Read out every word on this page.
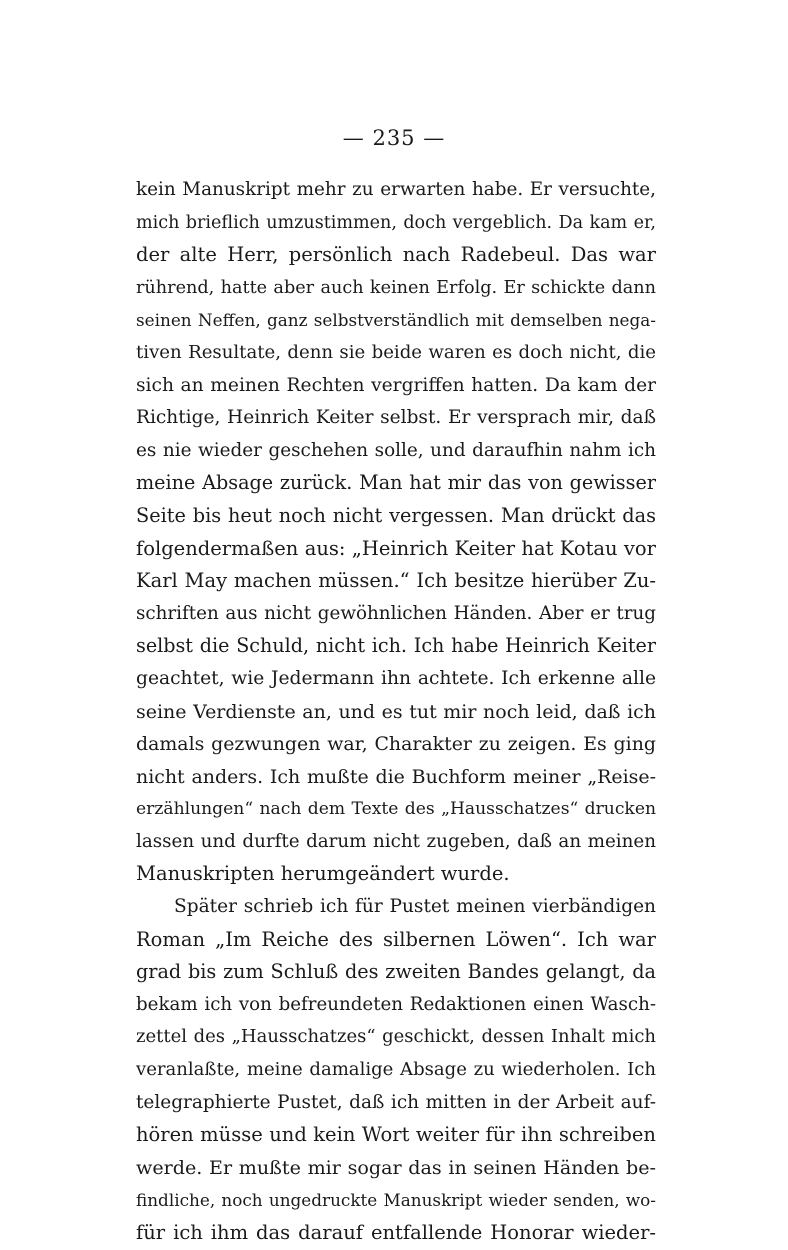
— 235 —
kein Manuskript mehr zu erwarten habe. Er versuchte,
mich brieflich umzustimmen, doch vergeblich. Da kam er,
der alte Herr, persönlich nach Radebeul. Das war
rührend, hatte aber auch keinen Erfolg. Er schickte dann
seinen Neffen, ganz selbstverständlich mit demselben nega-
tiven Resultate, denn sie beide waren es doch nicht, die
sich an meinen Rechten vergriffen hatten. Da kam der
Richtige, Heinrich Keiter selbst. Er versprach mir, daß
es nie wieder geschehen solle, und daraufhin nahm ich
meine Absage zurück. Man hat mir das von gewisser
Seite bis heut noch nicht vergessen. Man drückt das
folgendermaßen aus: „Heinrich Keiter hat Kotau vor
Karl May machen müssen.“ Ich besitze hierüber Zu-
schriften aus nicht gewöhnlichen Händen. Aber er trug
selbst die Schuld, nicht ich. Ich habe Heinrich Keiter
geachtet, wie Jedermann ihn achtete. Ich erkenne alle
seine Verdienste an, und es tut mir noch leid, daß ich
damals gezwungen war, Charakter zu zeigen. Es ging
nicht anders. Ich mußte die Buchform meiner „Reise-
erzählungen“ nach dem Texte des „Hausschatzes“ drucken
lassen und durfte darum nicht zugeben, daß an meinen
Manuskripten herumgeändert wurde.
Später schrieb ich für Pustet meinen vierbändigen
Roman „Im Reiche des silbernen Löwen“. Ich war
grad bis zum Schluß des zweiten Bandes gelangt, da
bekam ich von befreundeten Redaktionen einen Wasch-
zettel des „Hausschatzes“ geschickt, dessen Inhalt mich
veranlaßte, meine damalige Absage zu wiederholen. Ich
telegraphierte Pustet, daß ich mitten in der Arbeit auf-
hören müsse und kein Wort weiter für ihn schreiben
werde. Er mußte mir sogar das in seinen Händen be-
findliche, noch ungedruckte Manuskript wieder senden, wo-
für ich ihm das darauf entfallende Honorar wieder-
